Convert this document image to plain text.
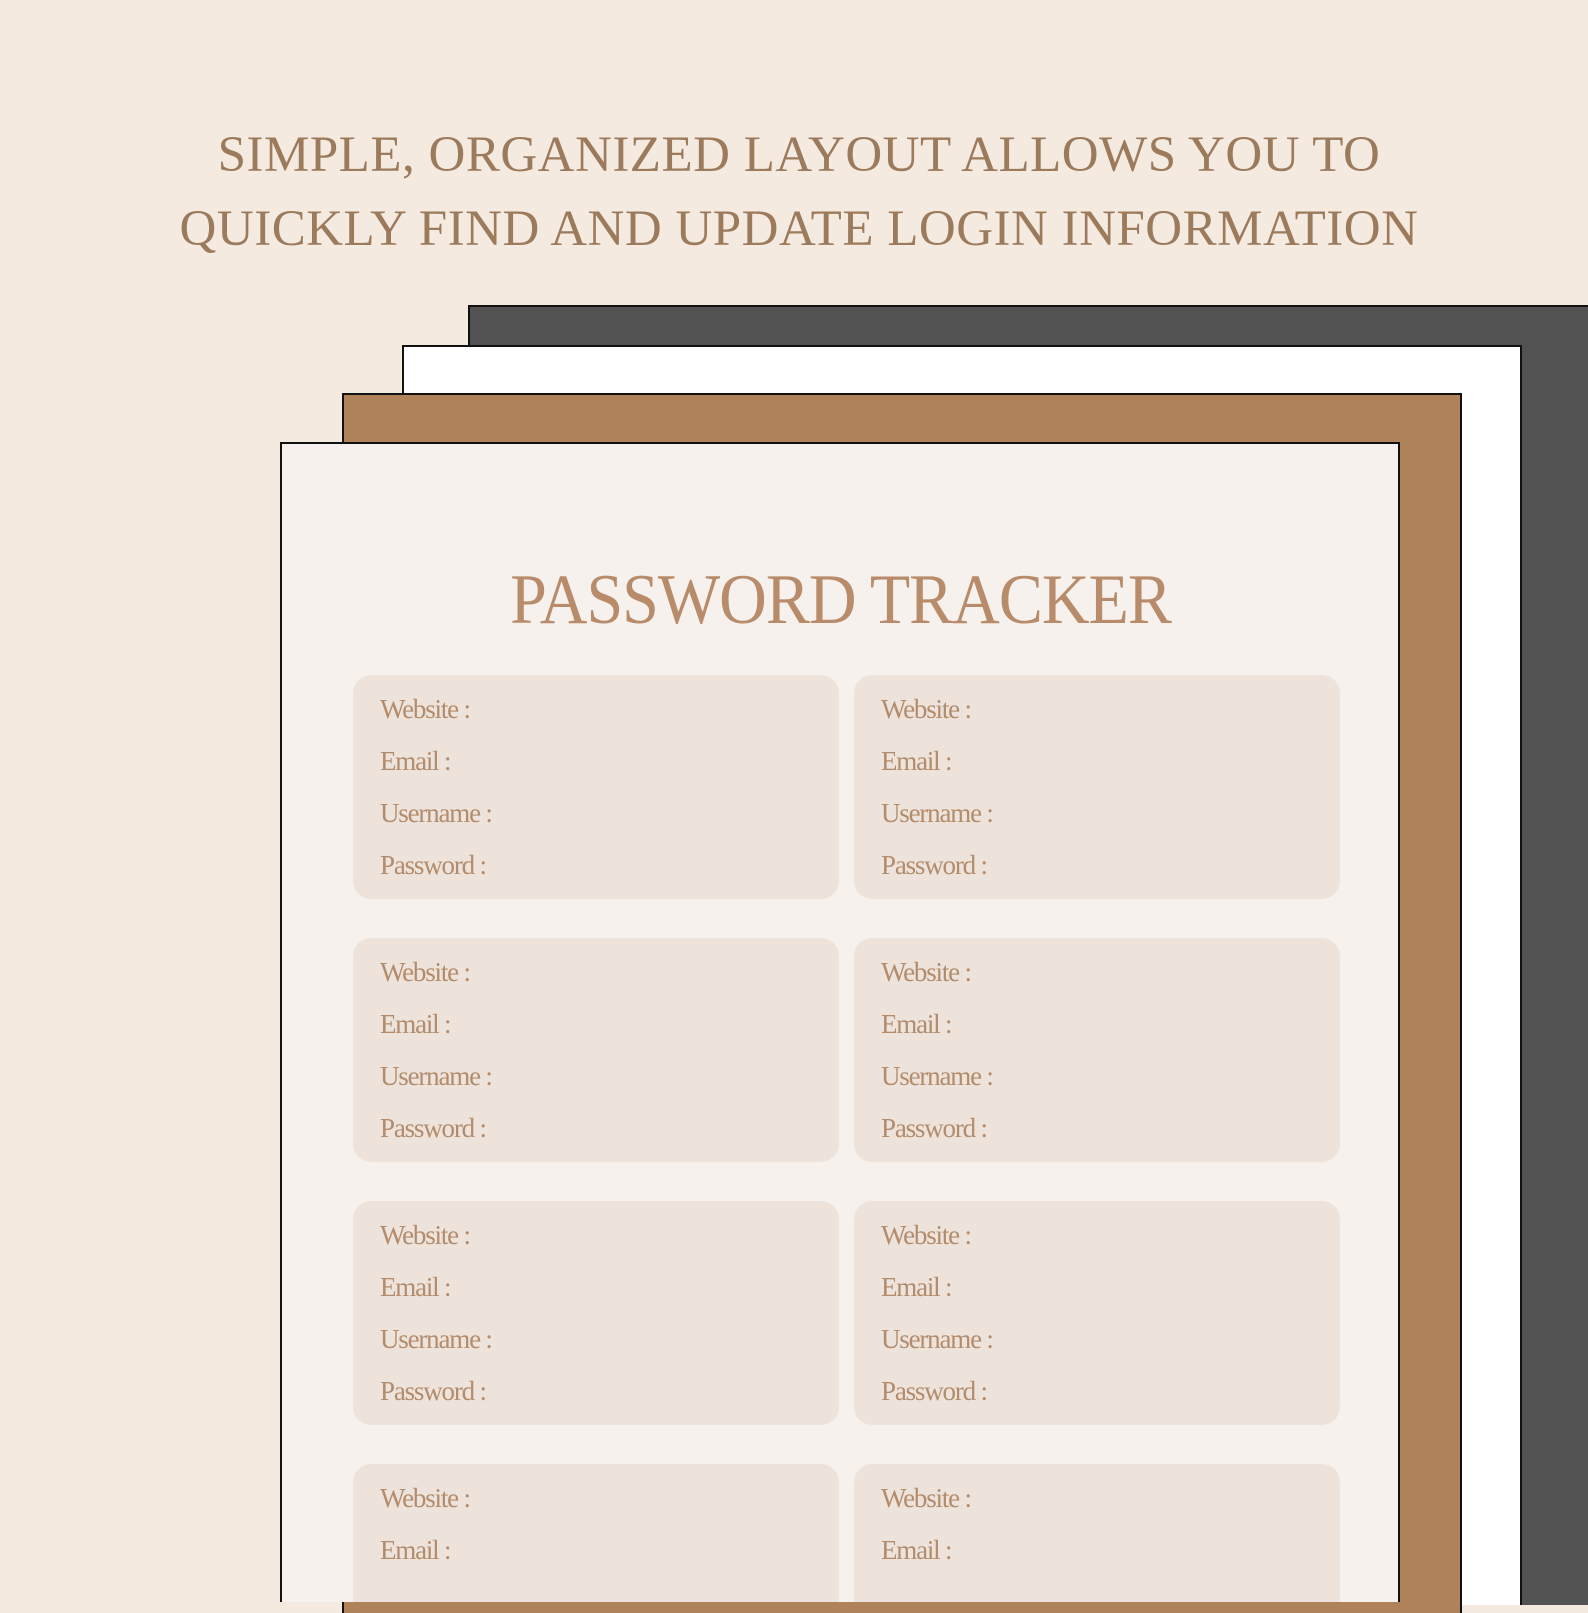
SIMPLE, ORGANIZED LAYOUT ALLOWS YOU TO
QUICKLY FIND AND UPDATE LOGIN INFORMATION
PASSWORD TRACKER
Website :
Email :
Username :
Password :
Website :
Email :
Username :
Password :
Website :
Email :
Username :
Password :
Website :
Email :
Username :
Password :
Website :
Email :
Username :
Password :
Website :
Email :
Username :
Password :
Website :
Email :
Website :
Email :
